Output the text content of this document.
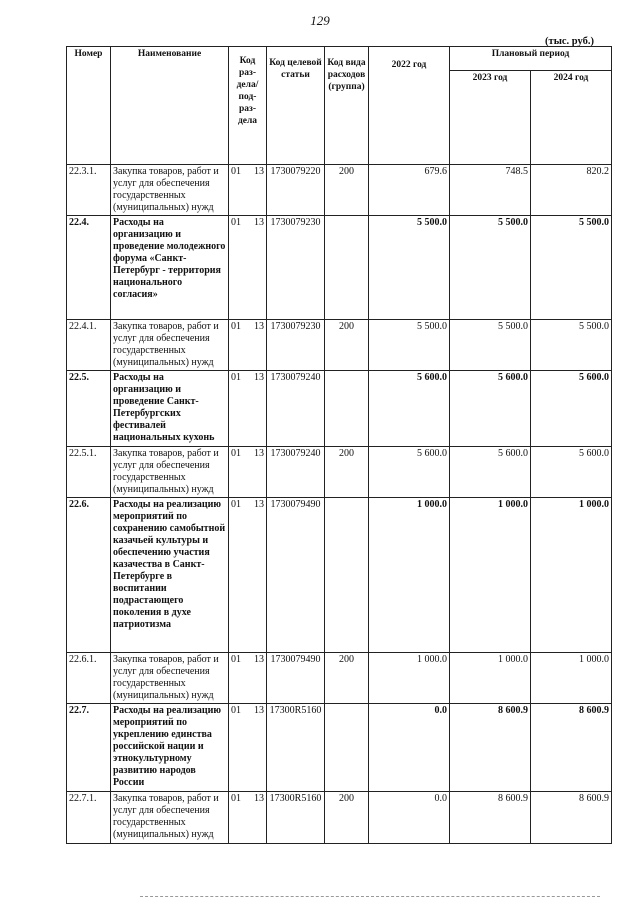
129
(тыс. руб.)
Номер	Наименование	Код раз-дела/ под-раз-дела	Код целевой статьи	Код вида расходов (группа)	2022 год	Плановый период	
						2023 год	2024 год
22.3.1.	Закупка товаров, работ и услуг для обеспечения государственных (муниципальных) нужд	01 13	1730079220	200	679.6	748.5	820.2
22.4.	Расходы на организацию и проведение молодежного форума «Санкт-Петербург - территория национального согласия»	01 13	1730079230		5 500.0	5 500.0	5 500.0
22.4.1.	Закупка товаров, работ и услуг для обеспечения государственных (муниципальных) нужд	01 13	1730079230	200	5 500.0	5 500.0	5 500.0
22.5.	Расходы на организацию и проведение Санкт-Петербургских фестивалей национальных кухонь	01 13	1730079240		5 600.0	5 600.0	5 600.0
22.5.1.	Закупка товаров, работ и услуг для обеспечения государственных (муниципальных) нужд	01 13	1730079240	200	5 600.0	5 600.0	5 600.0
22.6.	Расходы на реализацию мероприятий по сохранению самобытной казачьей культуры и обеспечению участия казачества в Санкт-Петербурге в воспитании подрастающего поколения в духе патриотизма	01 13	1730079490		1 000.0	1 000.0	1 000.0
22.6.1.	Закупка товаров, работ и услуг для обеспечения государственных (муниципальных) нужд	01 13	1730079490	200	1 000.0	1 000.0	1 000.0
22.7.	Расходы на реализацию мероприятий по укреплению единства российской нации и этнокультурному развитию народов России	01 13	17300R5160		0.0	8 600.9	8 600.9
22.7.1.	Закупка товаров, работ и услуг для обеспечения государственных (муниципальных) нужд	01 13	17300R5160	200	0.0	8 600.9	8 600.9
